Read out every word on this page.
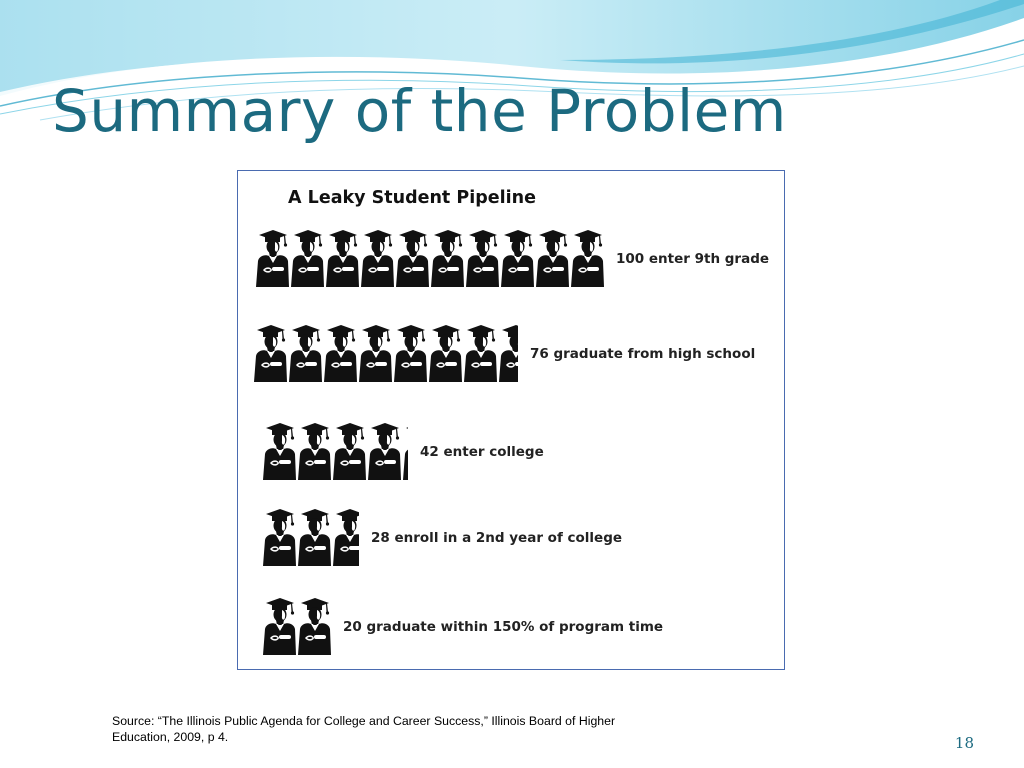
Summary of the Problem
A Leaky Student Pipeline
100 enter 9th grade
76 graduate from high school
42 enter college
28 enroll in a 2nd year of college
20 graduate within 150% of program time

Source: “The Illinois Public Agenda for College and Career Success,” Illinois Board of Higher Education, 2009, p 4.	18
